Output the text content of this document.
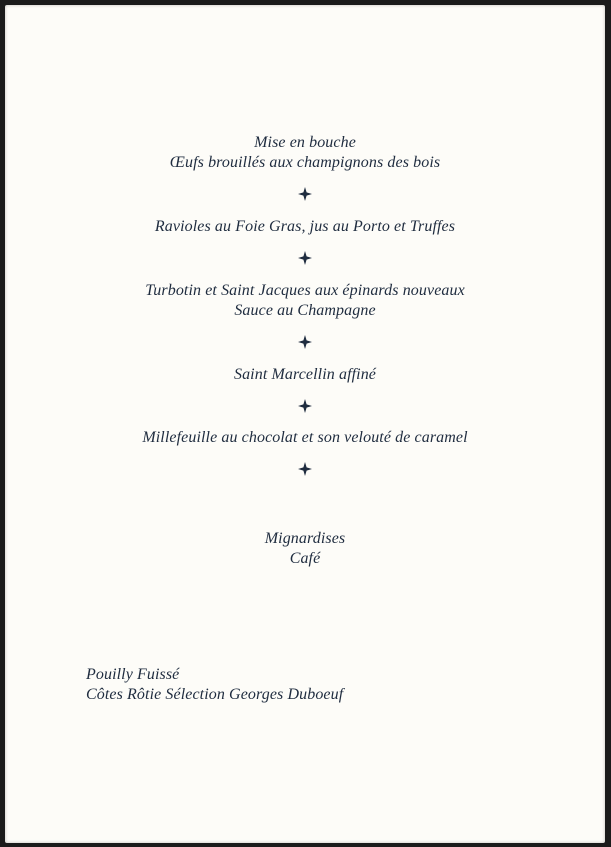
Mise en bouche
Œufs brouillés aux champignons des bois
Ravioles au Foie Gras, jus au Porto et Truffes
Turbotin et Saint Jacques aux épinards nouveaux
Sauce au Champagne
Saint Marcellin affiné
Millefeuille au chocolat et son velouté de caramel
Mignardises
Café
Pouilly Fuissé
Côtes Rôtie Sélection Georges Duboeuf
